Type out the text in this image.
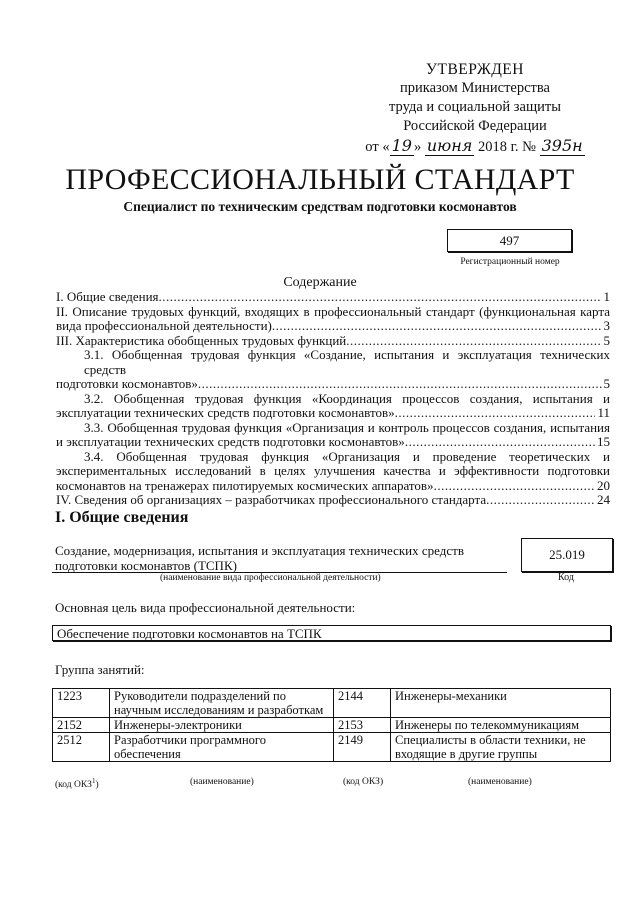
УТВЕРЖДЕН
приказом Министерства
труда и социальной защиты
Российской Федерации
от « 19 » июня 2018 г. № 395н
ПРОФЕССИОНАЛЬНЫЙ СТАНДАРТ
Специалист по техническим средствам подготовки космонавтов
497
Регистрационный номер
Содержание
I. Общие сведения .....	1
II. Описание трудовых функций, входящих в профессиональный стандарт (функциональная карта
вида профессиональной деятельности) .....	3
III. Характеристика обобщенных трудовых функций .....	5
3.1. Обобщенная трудовая функция «Создание, испытания и эксплуатация технических средств
подготовки космонавтов» .....	5
3.2. Обобщенная трудовая функция «Координация процессов создания, испытания и
эксплуатации технических средств подготовки космонавтов» .....	11
3.3. Обобщенная трудовая функция «Организация и контроль процессов создания, испытания
и эксплуатации технических средств подготовки космонавтов» .....	15
3.4. Обобщенная трудовая функция «Организация и проведение теоретических и
экспериментальных исследований в целях улучшения качества и эффективности подготовки
космонавтов на тренажерах пилотируемых космических аппаратов» .....	20
IV. Сведения об организациях – разработчиках профессионального стандарта .....	24
I. Общие сведения
Создание, модернизация, испытания и эксплуатация технических средств
подготовки космонавтов (ТСПК)
(наименование вида профессиональной деятельности)
25.019
Код
Основная цель вида профессиональной деятельности:
Обеспечение подготовки космонавтов на ТСПК
Группа занятий:
1223	Руководители подразделений по научным исследованиям и разработкам	2144	Инженеры-механики
2152	Инженеры-электроники	2153	Инженеры по телекоммуникациям
2512	Разработчики программного обеспечения	2149	Специалисты в области техники, не входящие в другие группы
(код ОКЗ$^1$)	(наименование)	(код ОКЗ)	(наименование)
